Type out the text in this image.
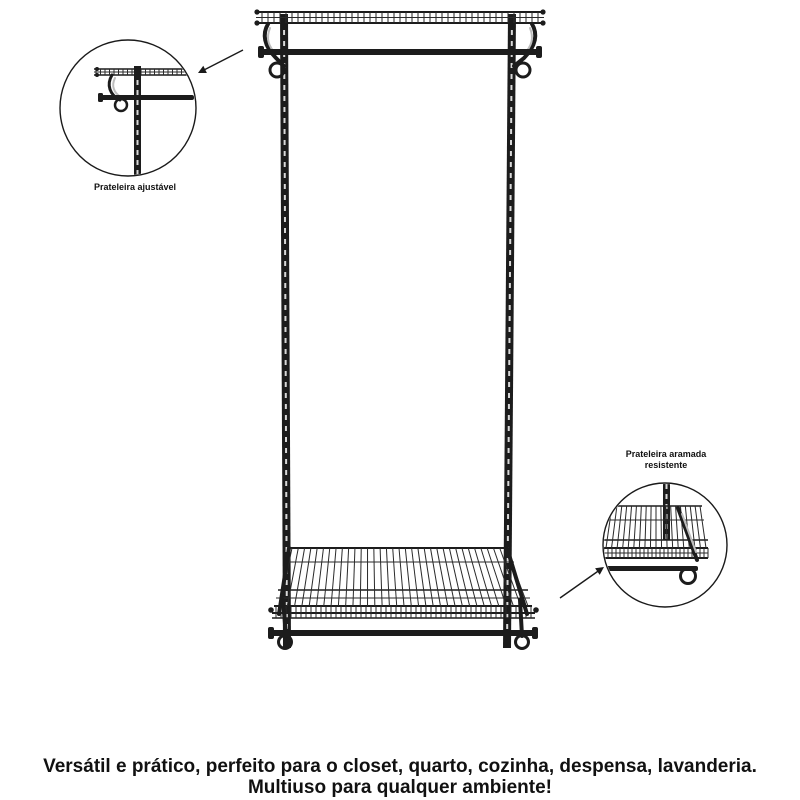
Prateleira ajustável
Prateleira aramada
resistente
Versátil e prático, perfeito para o closet, quarto, cozinha, despensa, lavanderia.
Multiuso para qualquer ambiente!
